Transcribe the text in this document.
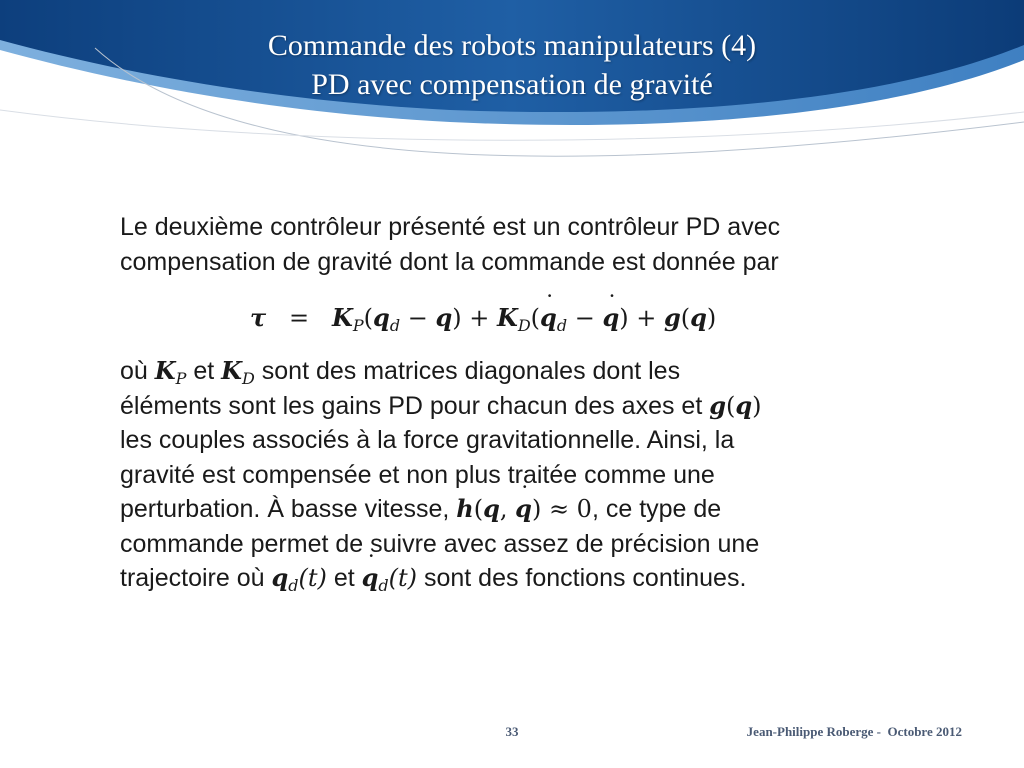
Commande des robots manipulateurs (4)
PD avec compensation de gravité
Le deuxième contrôleur présenté est un contrôleur PD avec
compensation de gravité dont la commande est donnée par
$\tau = K_P(q_d - q)$ + $K_D(˙$ $q_d$ − ˙ q) + g(q)
où $K_P$ et $K_D$ sont des matrices diagonales dont les
éléments sont les gains PD pour chacun des axes et g(q)
les couples associés à la force gravitationnelle. Ainsi, la
gravité est compensée et non plus traitée comme une
perturbation. À basse vitesse, h(q, ˙ q) ≈ 0, ce type de
commande permet de suivre avec assez de précision une
trajectoire où $q_d(t)$ et ˙ $q_d(t)$ sont des fonctions continues.
33	Jean-Philippe Roberge -  Octobre 2012
